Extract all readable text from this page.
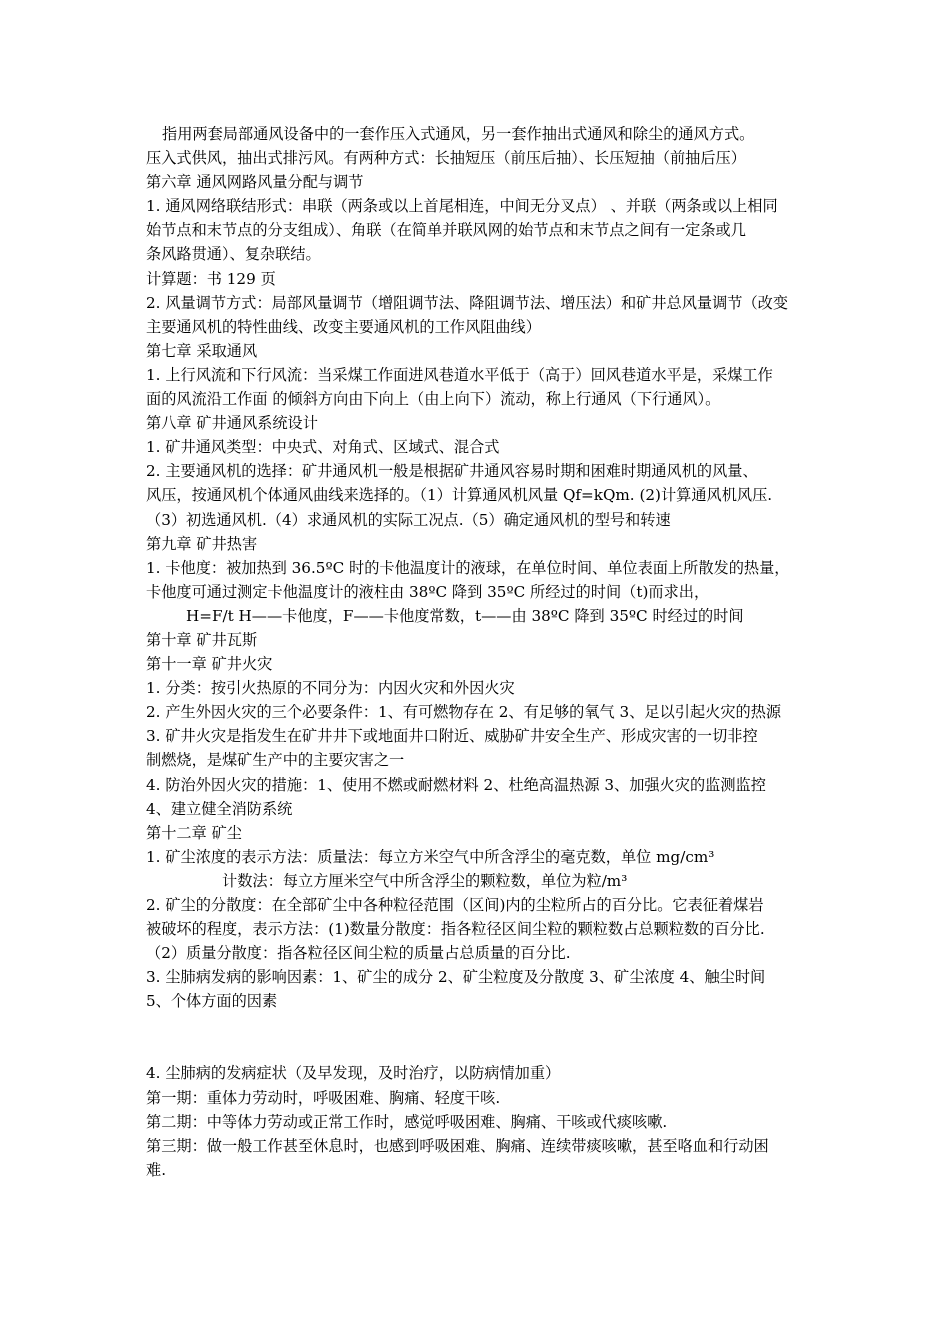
指用两套局部通风设备中的一套作压入式通风，另一套作抽出式通风和除尘的通风方式。
压入式供风，抽出式排污风。有两种方式：长抽短压（前压后抽）、长压短抽（前抽后压）
第六章 通风网路风量分配与调节
1. 通风网络联结形式：串联（两条或以上首尾相连，中间无分叉点） 、并联（两条或以上相同
始节点和末节点的分支组成）、角联（在简单并联风网的始节点和末节点之间有一定条或几
条风路贯通）、复杂联结。
计算题：书 129 页
2. 风量调节方式：局部风量调节（增阻调节法、降阻调节法、增压法）和矿井总风量调节（改变
主要通风机的特性曲线、改变主要通风机的工作风阻曲线）
第七章 采取通风
1. 上行风流和下行风流：当采煤工作面进风巷道水平低于（高于）回风巷道水平是，采煤工作
面的风流沿工作面 的倾斜方向由下向上（由上向下）流动，称上行通风（下行通风）。
第八章 矿井通风系统设计
1. 矿井通风类型：中央式、对角式、区域式、混合式
2. 主要通风机的选择：矿井通风机一般是根据矿井通风容易时期和困难时期通风机的风量、
风压，按通风机个体通风曲线来选择的。（1）计算通风机风量 Qf=kQm. (2)计算通风机风压.
（3）初选通风机.（4）求通风机的实际工况点.（5）确定通风机的型号和转速
第九章 矿井热害
1. 卡他度：被加热到 36.5ºC 时的卡他温度计的液球，在单位时间、单位表面上所散发的热量，
卡他度可通过测定卡他温度计的液柱由 38ºC 降到 35ºC 所经过的时间（t)而求出，
H=F/t H——卡他度，F——卡他度常数，t——由 38ºC 降到 35ºC 时经过的时间
第十章 矿井瓦斯
第十一章 矿井火灾
1. 分类：按引火热原的不同分为：内因火灾和外因火灾
2. 产生外因火灾的三个必要条件：1、有可燃物存在 2、有足够的氧气 3、足以引起火灾的热源
3. 矿井火灾是指发生在矿井井下或地面井口附近、威胁矿井安全生产、形成灾害的一切非控
制燃烧，是煤矿生产中的主要灾害之一
4. 防治外因火灾的措施：1、使用不燃或耐燃材料 2、杜绝高温热源 3、加强火灾的监测监控
4、建立健全消防系统
第十二章 矿尘
1. 矿尘浓度的表示方法：质量法：每立方米空气中所含浮尘的毫克数，单位 mg/cm³
计数法：每立方厘米空气中所含浮尘的颗粒数，单位为粒/m³
2. 矿尘的分散度：在全部矿尘中各种粒径范围（区间)内的尘粒所占的百分比。它表征着煤岩
被破坏的程度，表示方法：(1)数量分散度：指各粒径区间尘粒的颗粒数占总颗粒数的百分比.
（2）质量分散度：指各粒径区间尘粒的质量占总质量的百分比.
3. 尘肺病发病的影响因素：1、矿尘的成分 2、矿尘粒度及分散度 3、矿尘浓度 4、触尘时间
5、个体方面的因素
4. 尘肺病的发病症状（及早发现，及时治疗，以防病情加重）
第一期：重体力劳动时，呼吸困难、胸痛、轻度干咳.
第二期：中等体力劳动或正常工作时，感觉呼吸困难、胸痛、干咳或代痰咳嗽.
第三期：做一般工作甚至休息时，也感到呼吸困难、胸痛、连续带痰咳嗽，甚至咯血和行动困
难.
